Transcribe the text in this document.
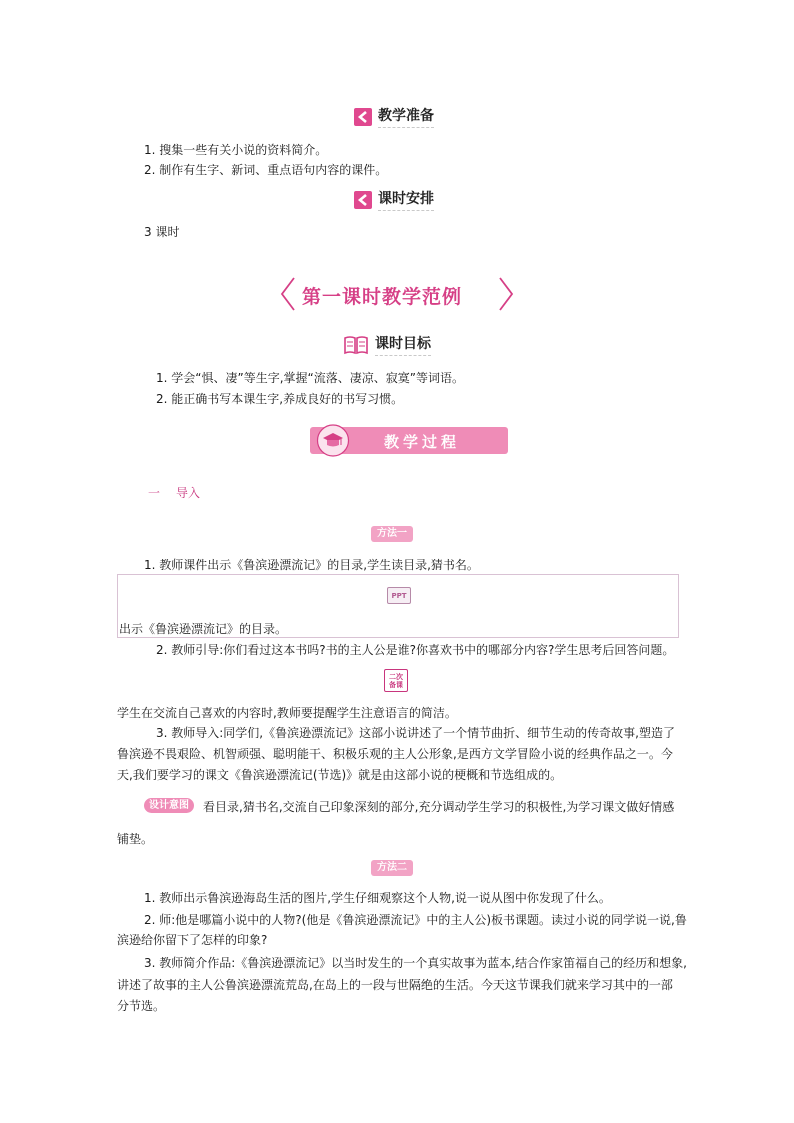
教学准备
1. 搜集一些有关小说的资料简介。
2. 制作有生字、新词、重点语句内容的课件。
课时安排
3 课时
第一课时教学范例
课时目标
1. 学会“惧、凄”等生字,掌握“流落、凄凉、寂寞”等词语。
2. 能正确书写本课生字,养成良好的书写习惯。
教学过程
一 导入
方法一
1. 教师课件出示《鲁滨逊漂流记》的目录,学生读目录,猜书名。
PPT
出示《鲁滨逊漂流记》的目录。
2. 教师引导:你们看过这本书吗?书的主人公是谁?你喜欢书中的哪部分内容?学生思考后回答问题。
二次
备课
学生在交流自己喜欢的内容时,教师要提醒学生注意语言的简洁。
3. 教师导入:同学们,《鲁滨逊漂流记》这部小说讲述了一个情节曲折、细节生动的传奇故事,塑造了
鲁滨逊不畏艰险、机智顽强、聪明能干、积极乐观的主人公形象,是西方文学冒险小说的经典作品之一。今
天,我们要学习的课文《鲁滨逊漂流记(节选)》就是由这部小说的梗概和节选组成的。
设计意图	看目录,猜书名,交流自己印象深刻的部分,充分调动学生学习的积极性,为学习课文做好情感
铺垫。
方法二
1. 教师出示鲁滨逊海岛生活的图片,学生仔细观察这个人物,说一说从图中你发现了什么。
2. 师:他是哪篇小说中的人物?(他是《鲁滨逊漂流记》中的主人公)板书课题。读过小说的同学说一说,鲁
滨逊给你留下了怎样的印象?
3. 教师简介作品:《鲁滨逊漂流记》以当时发生的一个真实故事为蓝本,结合作家笛福自己的经历和想象,
讲述了故事的主人公鲁滨逊漂流荒岛,在岛上的一段与世隔绝的生活。今天这节课我们就来学习其中的一部
分节选。
